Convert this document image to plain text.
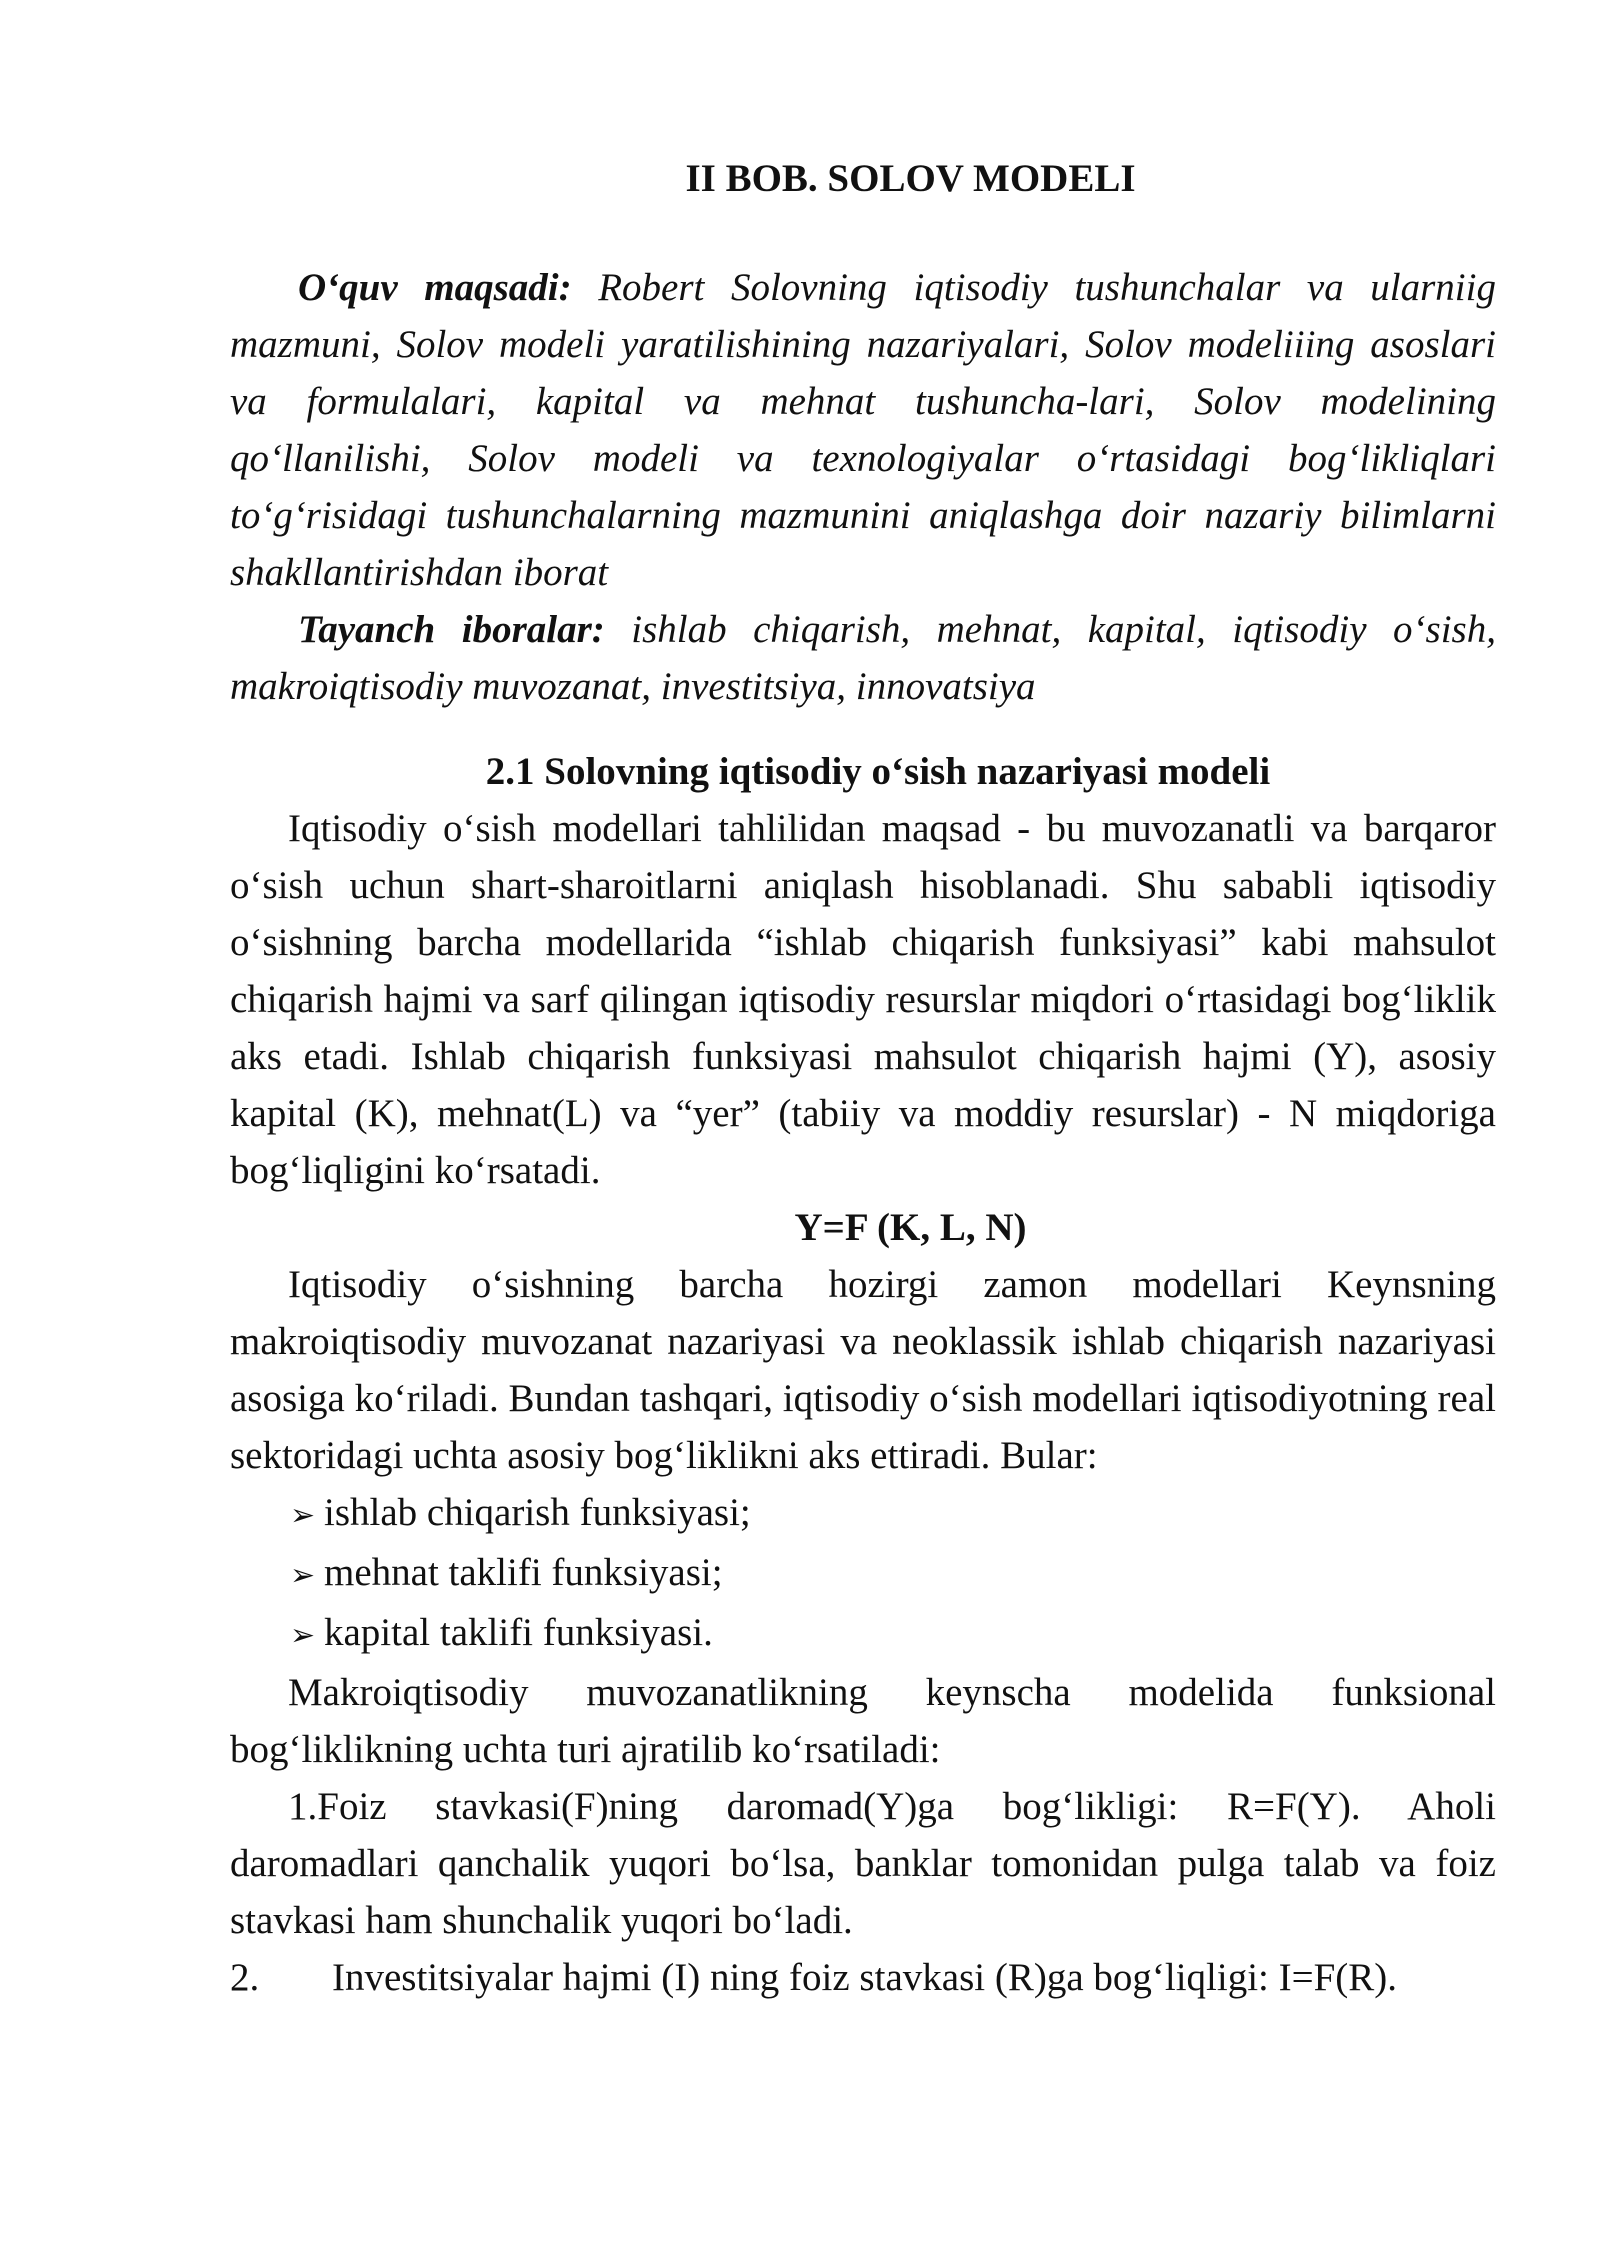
II BOB. SOLOV MODELI

O‘quv maqsadi: Robert Solovning iqtisodiy tushunchalar va ularniig mazmuni, Solov modeli yaratilishining nazariyalari, Solov modeliiing asoslari va formulalari, kapital va mehnat tushuncha-lari, Solov modelining qo‘llanilishi, Solov modeli va texnologiyalar o‘rtasidagi bog‘likliqlari to‘g‘risidagi tushunchalarning mazmunini aniqlashga doir nazariy bilimlarni shakllantirishdan iborat

Tayanch iboralar: ishlab chiqarish, mehnat, kapital, iqtisodiy o‘sish, makroiqtisodiy muvozanat, investitsiya, innovatsiya

2.1 Solovning iqtisodiy o‘sish nazariyasi modeli

Iqtisodiy o‘sish modellari tahlilidan maqsad - bu muvozanatli va barqaror o‘sish uchun shart-sharoitlarni aniqlash hisoblanadi. Shu sababli iqtisodiy o‘sishning barcha modellarida “ishlab chiqarish funksiyasi” kabi mahsulot chiqarish hajmi va sarf qilingan iqtisodiy resurslar miqdori o‘rtasidagi bog‘liklik aks etadi. Ishlab chiqarish funksiyasi mahsulot chiqarish hajmi (Y), asosiy kapital (K), mehnat(L) va “yer” (tabiiy va moddiy resurslar) - N miqdoriga bog‘liqligini ko‘rsatadi.

Y=F (K, L, N)

Iqtisodiy o‘sishning barcha hozirgi zamon modellari Keynsning makroiqtisodiy muvozanat nazariyasi va neoklassik ishlab chiqarish nazariyasi asosiga ko‘riladi. Bundan tashqari, iqtisodiy o‘sish modellari iqtisodiyotning real sektoridagi uchta asosiy bog‘liklikni aks ettiradi. Bular:

➢ ishlab chiqarish funksiyasi;
➢ mehnat taklifi funksiyasi;
➢ kapital taklifi funksiyasi.

Makroiqtisodiy muvozanatlikning keynscha modelida funksional bog‘liklikning uchta turi ajratilib ko‘rsatiladi:

1.Foiz stavkasi(F)ning daromad(Y)ga bog‘likligi: R=F(Y). Aholi daromadlari qanchalik yuqori bo‘lsa, banklar tomonidan pulga talab va foiz stavkasi ham shunchalik yuqori bo‘ladi.

2. Investitsiyalar hajmi (I) ning foiz stavkasi (R)ga bog‘liqligi: I=F(R).
